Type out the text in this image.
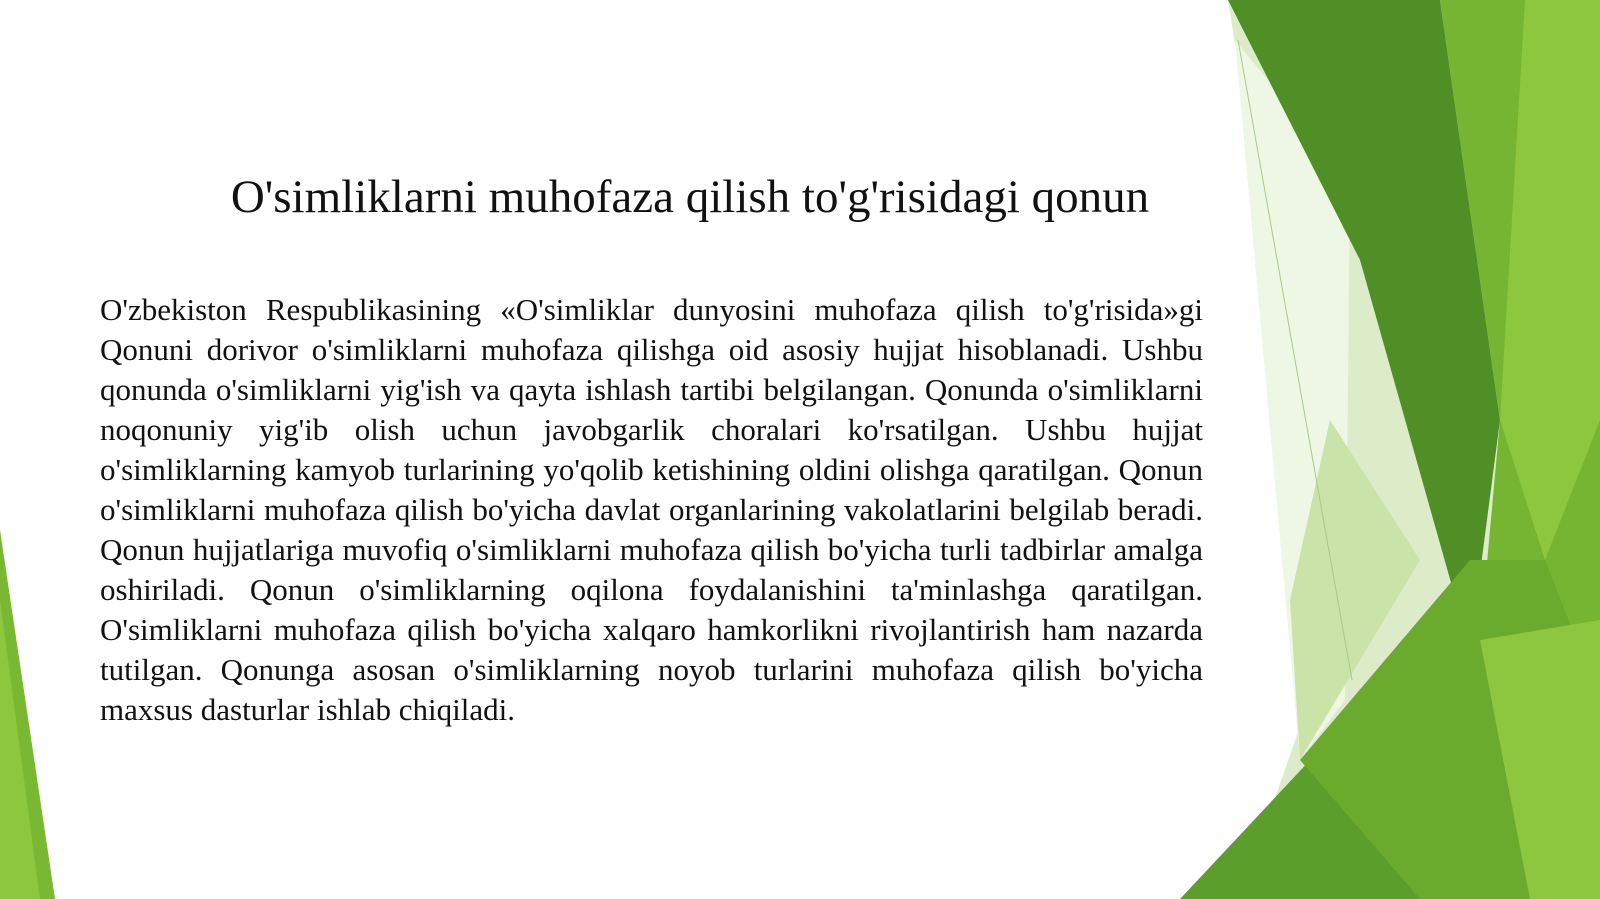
O'simliklarni muhofaza qilish to'g'risidagi qonun

O'zbekiston Respublikasining «O'simliklar dunyosini muhofaza qilish to'g'risida»gi Qonuni dorivor o'simliklarni muhofaza qilishga oid asosiy hujjat hisoblanadi. Ushbu qonunda o'simliklarni yig'ish va qayta ishlash tartibi belgilangan. Qonunda o'simliklarni noqonuniy yig'ib olish uchun javobgarlik choralari ko'rsatilgan. Ushbu hujjat o'simliklarning kamyob turlarining yo'qolib ketishining oldini olishga qaratilgan. Qonun o'simliklarni muhofaza qilish bo'yicha davlat organlarining vakolatlarini belgilab beradi. Qonun hujjatlariga muvofiq o'simliklarni muhofaza qilish bo'yicha turli tadbirlar amalga oshiriladi. Qonun o'simliklarning oqilona foydalanishini ta'minlashga qaratilgan. O'simliklarni muhofaza qilish bo'yicha xalqaro hamkorlikni rivojlantirish ham nazarda tutilgan. Qonunga asosan o'simliklarning noyob turlarini muhofaza qilish bo'yicha maxsus dasturlar ishlab chiqiladi.
